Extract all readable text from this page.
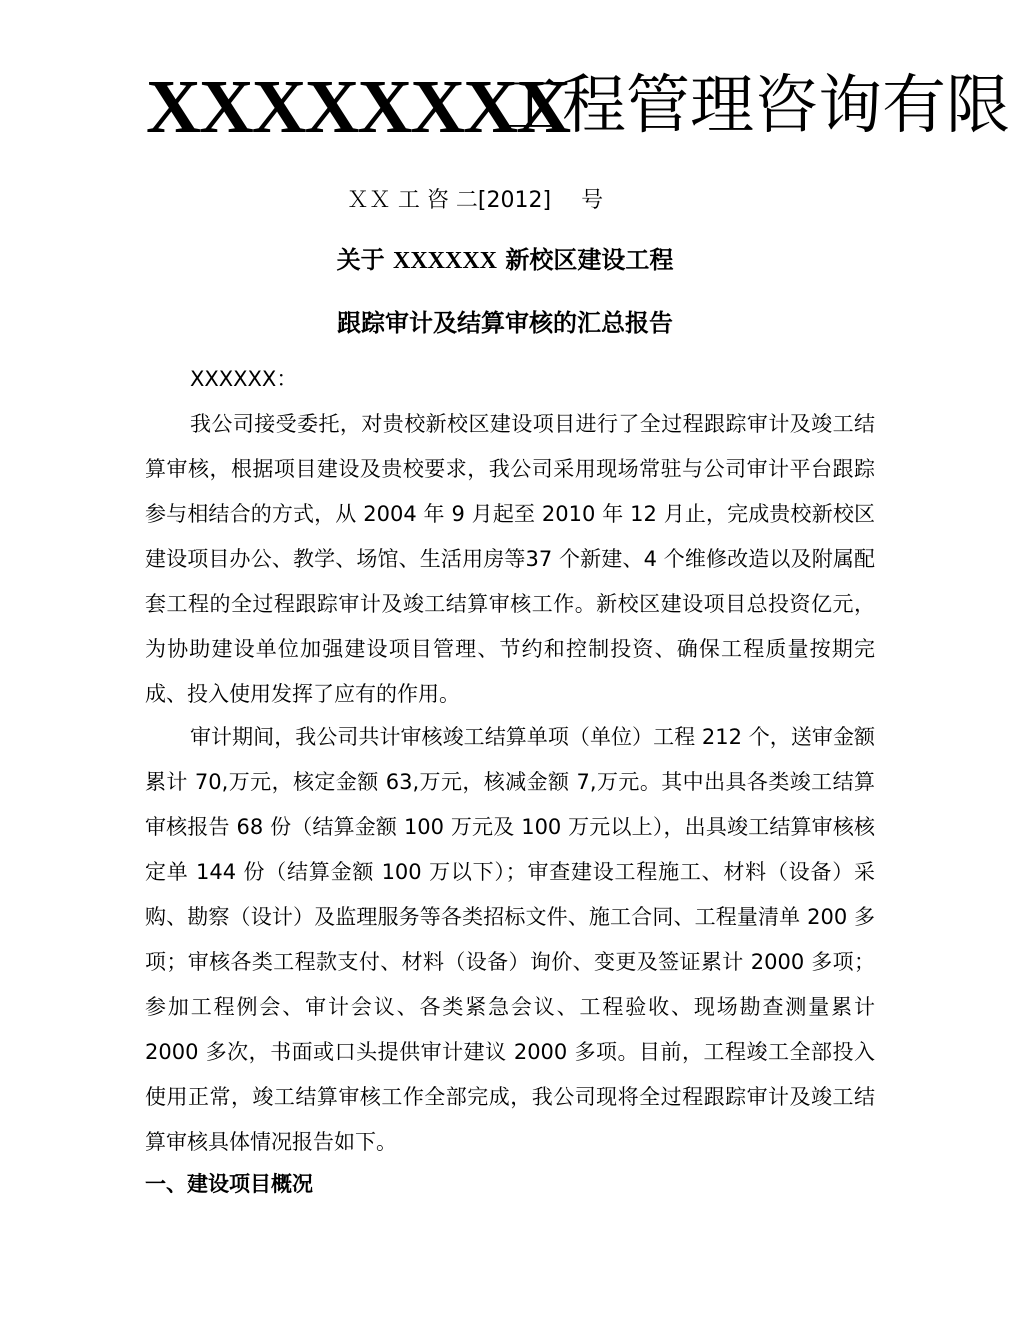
XXXXXXXX
工程管理咨询有限
ＸＸ 工 咨 二[2012] 号
关于 XXXXXX 新校区建设工程
跟踪审计及结算审核的汇总报告
XXXXXX：

我公司接受委托，对贵校新校区建设项目进行了全过程跟踪审计及竣工结算审核，根据项目建设及贵校要求，我公司采用现场常驻与公司审计平台跟踪参与相结合的方式，从 2004 年 9 月起至 2010 年 12 月止，完成贵校新校区建设项目办公、教学、场馆、生活用房等37 个新建、4 个维修改造以及附属配套工程的全过程跟踪审计及竣工结算审核工作。新校区建设项目总投资亿元，为协助建设单位加强建设项目管理、节约和控制投资、确保工程质量按期完成、投入使用发挥了应有的作用。

审计期间，我公司共计审核竣工结算单项（单位）工程 212 个，送审金额累计 70,万元，核定金额 63,万元，核减金额 7,万元。其中出具各类竣工结算审核报告 68 份（结算金额 100 万元及 100 万元以上），出具竣工结算审核核定单 144 份（结算金额 100 万以下）；审查建设工程施工、材料（设备）采购、勘察（设计）及监理服务等各类招标文件、施工合同、工程量清单 200 多项；审核各类工程款支付、材料（设备）询价、变更及签证累计 2000 多项；参加工程例会、审计会议、各类紧急会议、工程验收、现场勘查测量累计 2000 多次，书面或口头提供审计建议 2000 多项。目前，工程竣工全部投入使用正常，竣工结算审核工作全部完成，我公司现将全过程跟踪审计及竣工结算审核具体情况报告如下。

一、建设项目概况
